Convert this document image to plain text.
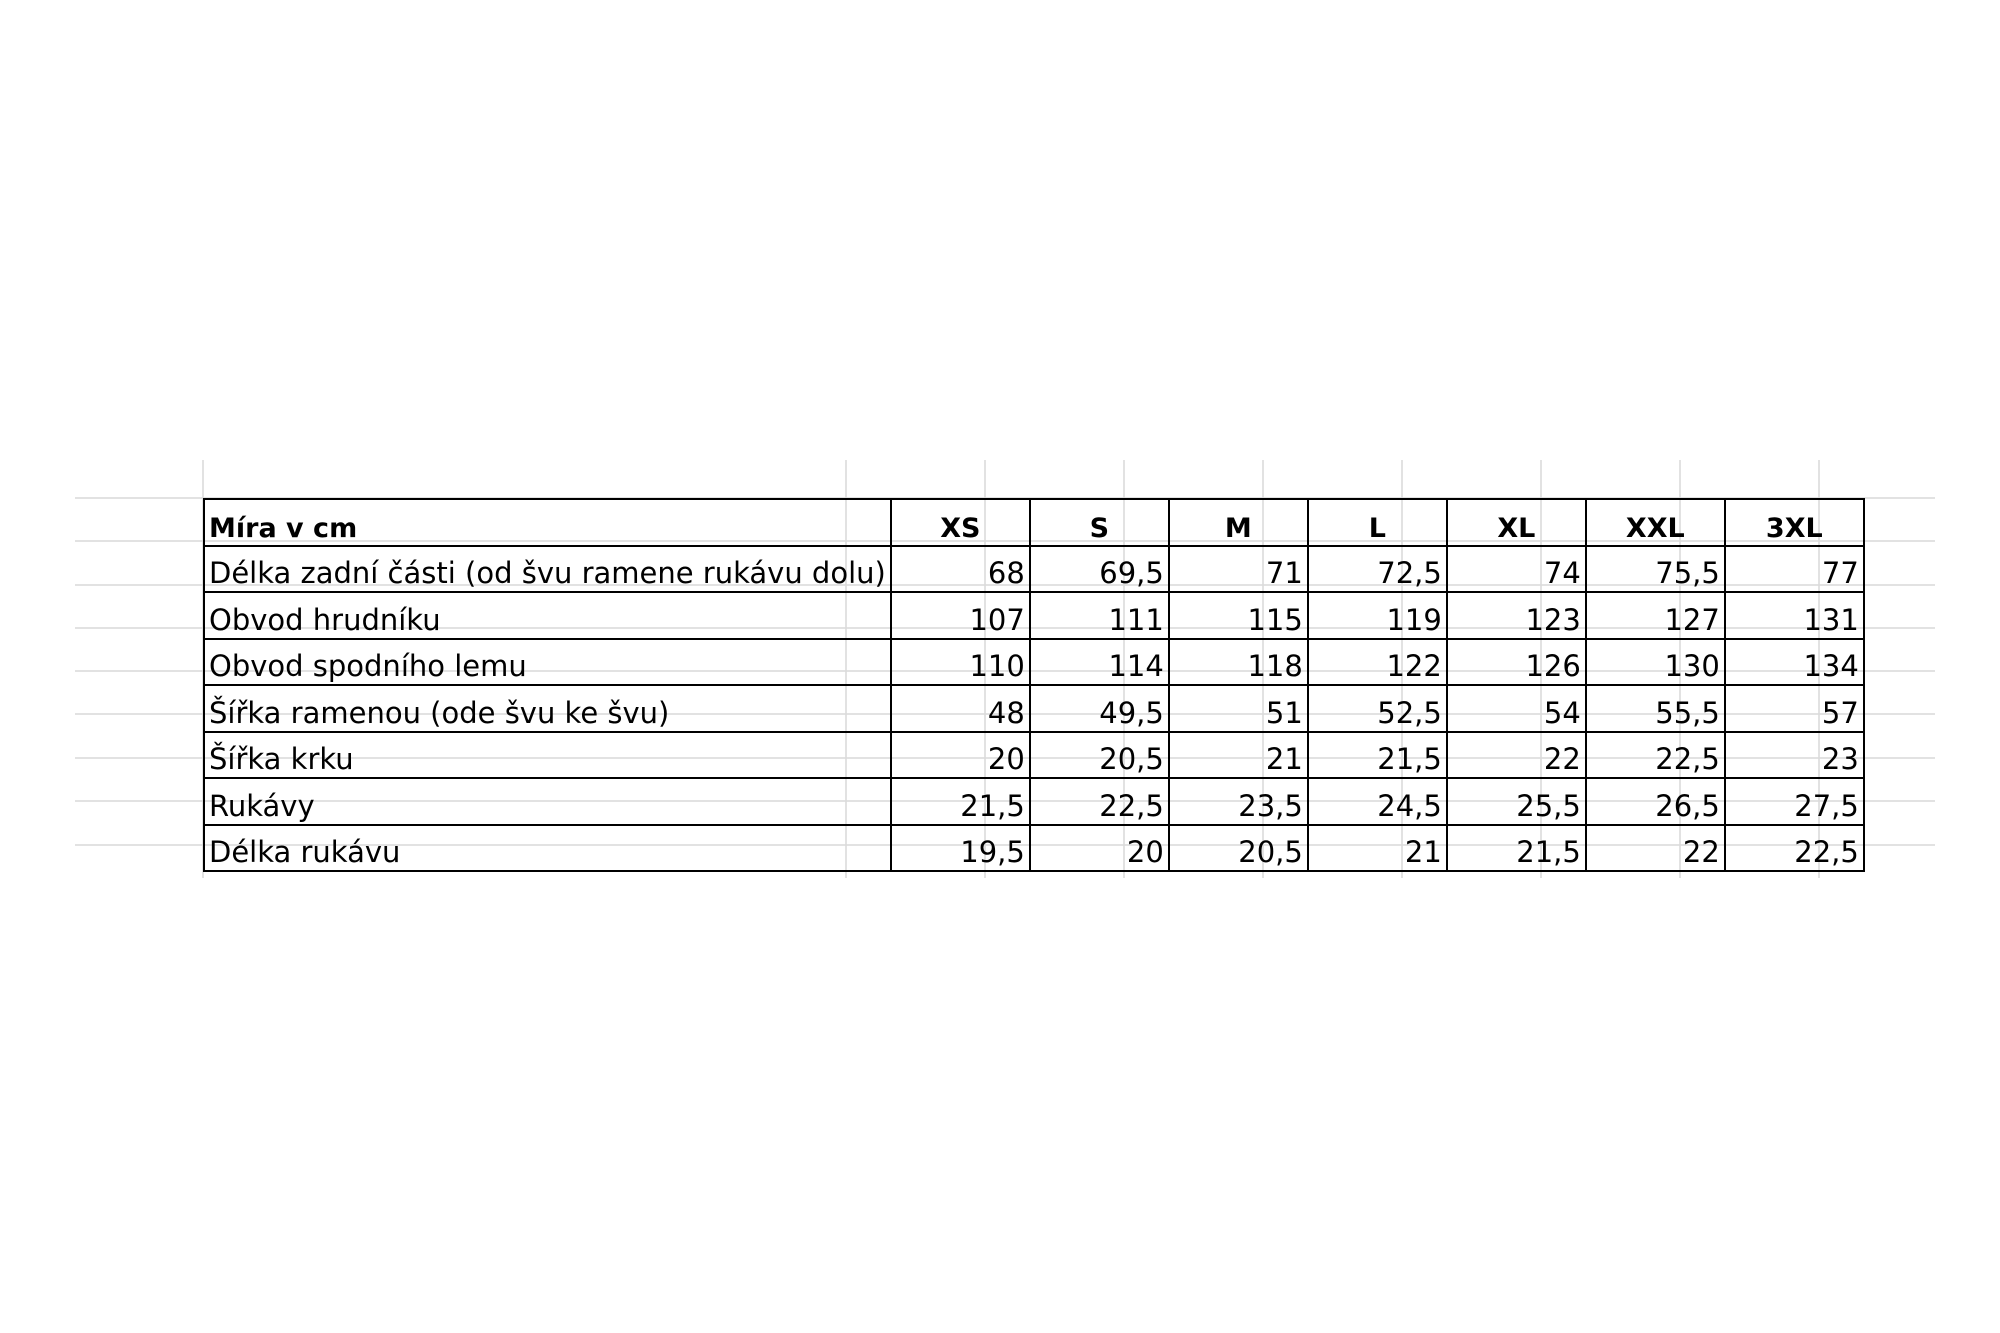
Míra v cm	XS	S	M	L	XL	XXL	3XL
Délka zadní části (od švu ramene rukávu dolu)	68	69,5	71	72,5	74	75,5	77
Obvod hrudníku	107	111	115	119	123	127	131
Obvod spodního lemu	110	114	118	122	126	130	134
Šířka ramenou (ode švu ke švu)	48	49,5	51	52,5	54	55,5	57
Šířka krku	20	20,5	21	21,5	22	22,5	23
Rukávy	21,5	22,5	23,5	24,5	25,5	26,5	27,5
Délka rukávu	19,5	20	20,5	21	21,5	22	22,5
